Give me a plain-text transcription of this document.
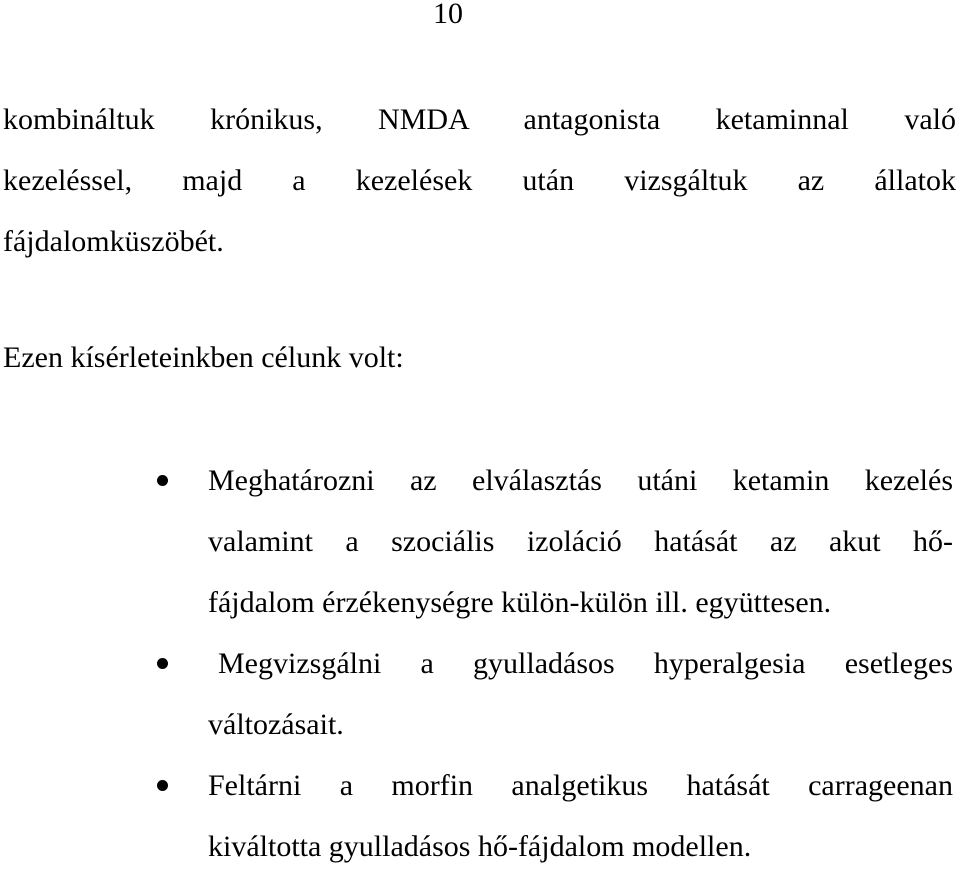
10
kombináltuk krónikus, NMDA antagonista ketaminnal való
kezeléssel, majd a kezelések után vizsgáltuk az állatok
fájdalomküszöbét.
Ezen kísérleteinkben célunk volt:
Meghatározni az elválasztás utáni ketamin kezelés
valamint a szociális izoláció hatását az akut hő-
fájdalom érzékenységre külön-külön ill. együttesen.
Megvizsgálni a gyulladásos hyperalgesia esetleges
változásait.
Feltárni a morfin analgetikus hatását carrageenan
kiváltotta gyulladásos hő-fájdalom modellen.
